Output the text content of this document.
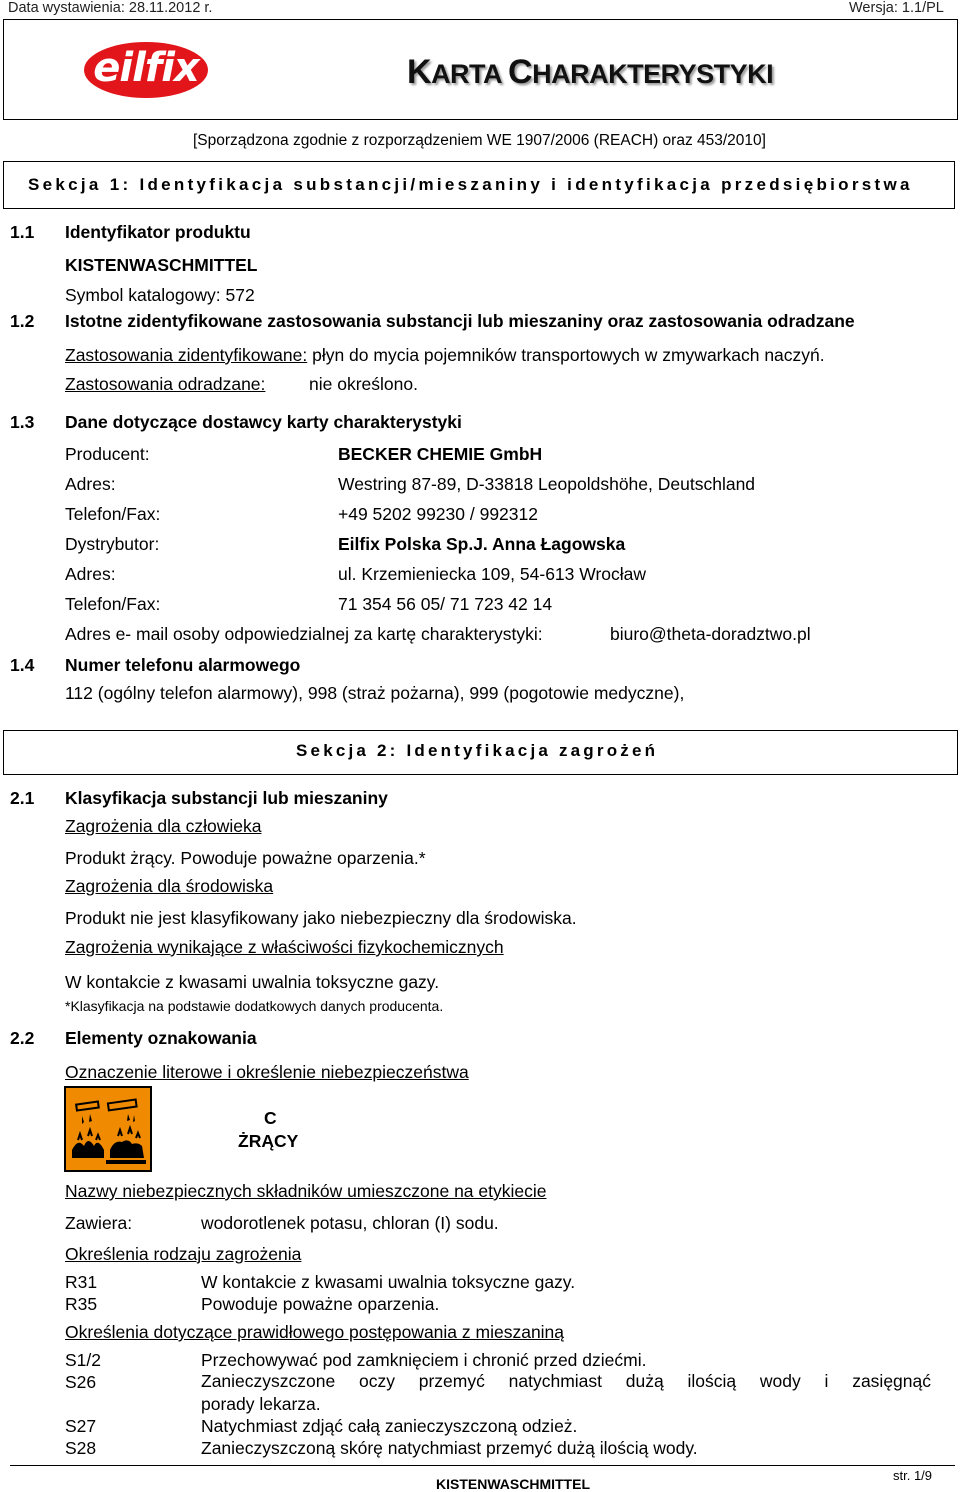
Data wystawienia: 28.11.2012 r.	Wersja: 1.1/PL
eilfix	KARTA CHARAKTERYSTYKI
[Sporządzona zgodnie z rozporządzeniem WE 1907/2006 (REACH) oraz 453/2010]
Sekcja 1: Identyfikacja substancji/mieszaniny i identyfikacja przedsiębiorstwa
1.1 Identyfikator produktu
KISTENWASCHMITTEL
Symbol katalogowy: 572
1.2 Istotne zidentyfikowane zastosowania substancji lub mieszaniny oraz zastosowania odradzane
Zastosowania zidentyfikowane: płyn do mycia pojemników transportowych w zmywarkach naczyń.
Zastosowania odradzane: nie określono.
1.3 Dane dotyczące dostawcy karty charakterystyki
Producent:	BECKER CHEMIE GmbH
Adres:	Westring 87-89, D-33818 Leopoldshöhe, Deutschland
Telefon/Fax:	+49 5202 99230 / 992312
Dystrybutor:	Eilfix Polska Sp.J. Anna Łagowska
Adres:	ul. Krzemieniecka 109, 54-613 Wrocław
Telefon/Fax:	71 354 56 05/ 71 723 42 14
Adres e- mail osoby odpowiedzialnej za kartę charakterystyki:	biuro@theta-doradztwo.pl
1.4 Numer telefonu alarmowego
112 (ogólny telefon alarmowy), 998 (straż pożarna), 999 (pogotowie medyczne),
Sekcja 2: Identyfikacja zagrożeń
2.1 Klasyfikacja substancji lub mieszaniny
Zagrożenia dla człowieka
Produkt żrący. Powoduje poważne oparzenia.*
Zagrożenia dla środowiska
Produkt nie jest klasyfikowany jako niebezpieczny dla środowiska.
Zagrożenia wynikające z właściwości fizykochemicznych
W kontakcie z kwasami uwalnia toksyczne gazy.
*Klasyfikacja na podstawie dodatkowych danych producenta.
2.2 Elementy oznakowania
Oznaczenie literowe i określenie niebezpieczeństwa
C
ŻRĄCY
Nazwy niebezpiecznych składników umieszczone na etykiecie
Zawiera:	wodorotlenek potasu, chloran (I) sodu.
Określenia rodzaju zagrożenia
R31	W kontakcie z kwasami uwalnia toksyczne gazy.
R35	Powoduje poważne oparzenia.
Określenia dotyczące prawidłowego postępowania z mieszaniną
S1/2	Przechowywać pod zamknięciem i chronić przed dziećmi.
S26	Zanieczyszczone oczy przemyć natychmiast dużą ilością wody i zasięgnąć
porady lekarza.
S27	Natychmiast zdjąć całą zanieczyszczoną odzież.
S28	Zanieczyszczoną skórę natychmiast przemyć dużą ilością wody.
KISTENWASCHMITTEL
str. 1/9
